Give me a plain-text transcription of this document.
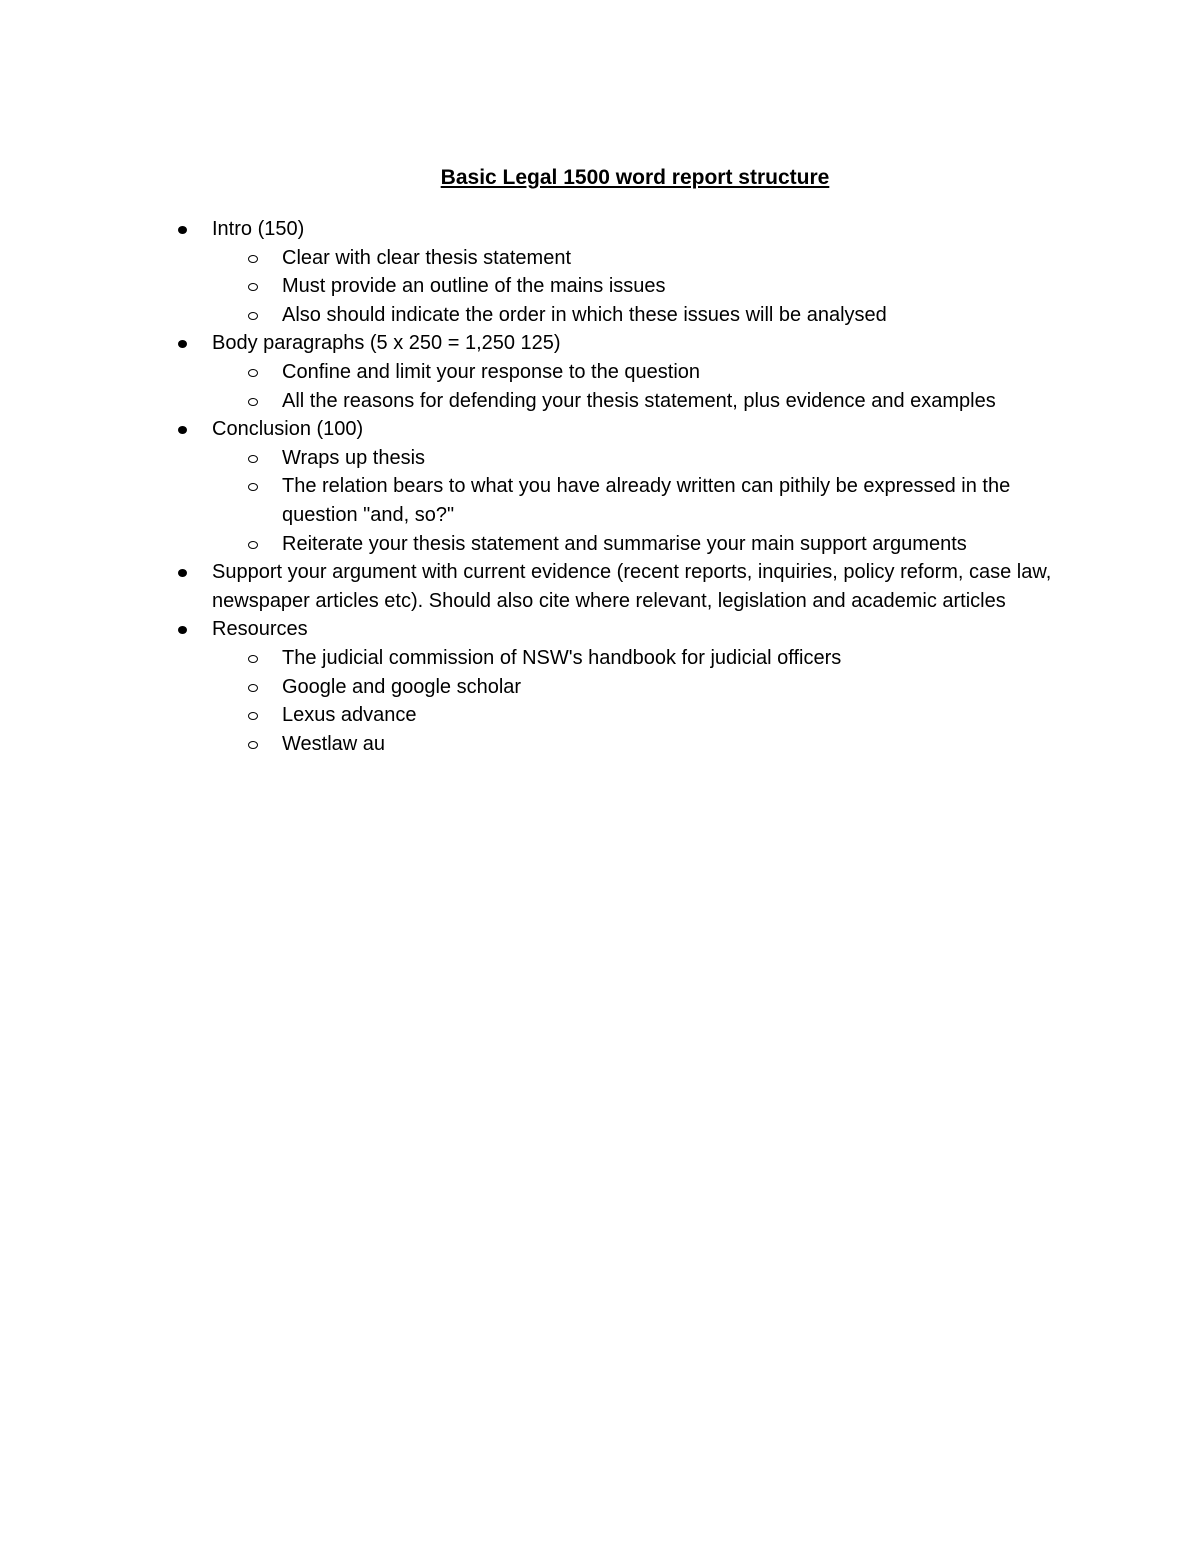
Basic Legal 1500 word report structure
Intro (150)
Clear with clear thesis statement
Must provide an outline of the mains issues
Also should indicate the order in which these issues will be analysed
Body paragraphs (5 x 250 = 1,250 125)
Confine and limit your response to the question
All the reasons for defending your thesis statement, plus evidence and examples
Conclusion (100)
Wraps up thesis
The relation bears to what you have already written can pithily be expressed in the question "and, so?"
Reiterate your thesis statement and summarise your main support arguments
Support your argument with current evidence (recent reports, inquiries, policy reform, case law, newspaper articles etc). Should also cite where relevant, legislation and academic articles
Resources
The judicial commission of NSW's handbook for judicial officers
Google and google scholar
Lexus advance
Westlaw au
